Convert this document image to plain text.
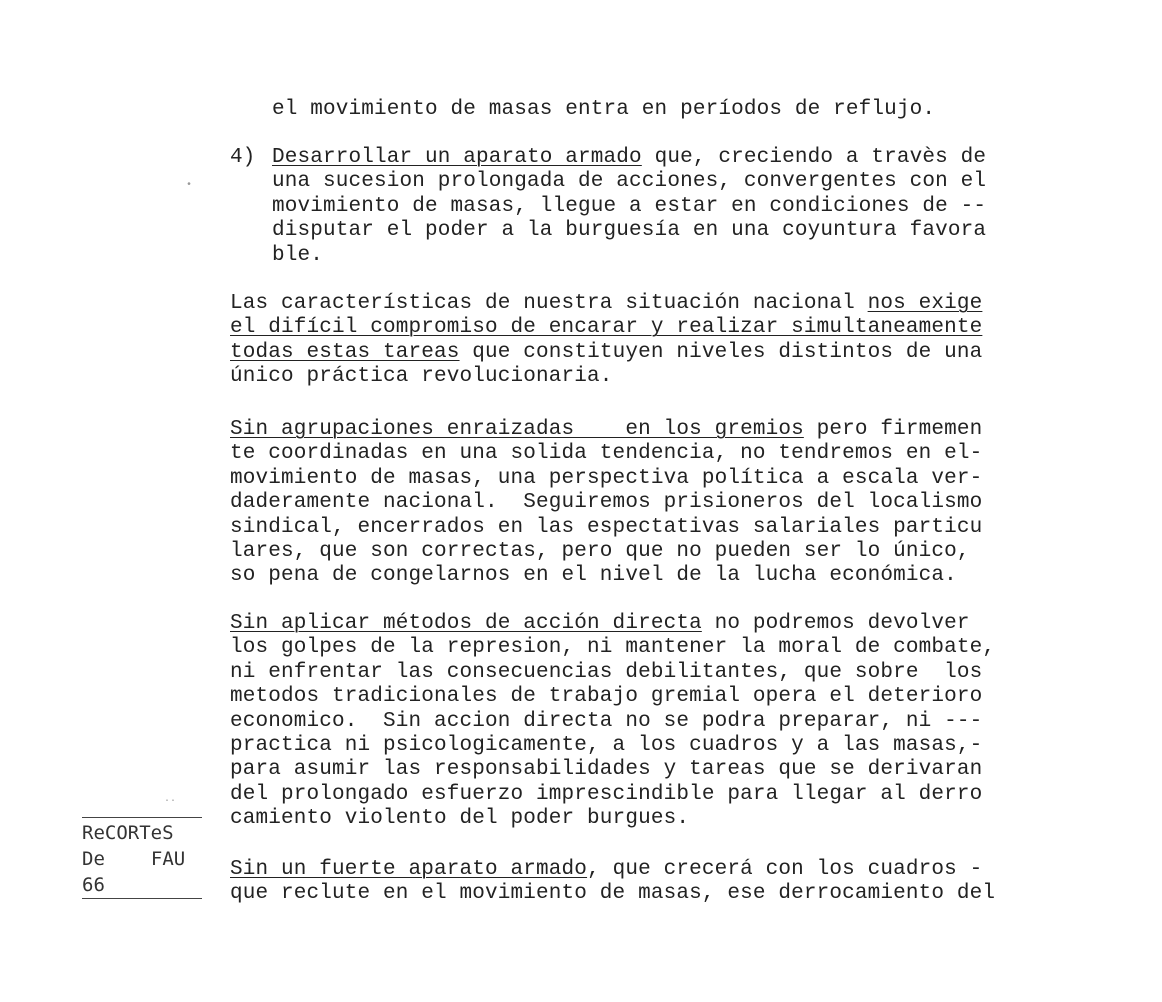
el movimiento de masas entra en períodos de reflujo.
4) Desarrollar un aparato armado que, creciendo a travès de
una sucesion prolongada de acciones, convergentes con el
movimiento de masas, llegue a estar en condiciones de --
disputar el poder a la burguesía en una coyuntura favora
ble.
Las características de nuestra situación nacional nos exige
el difícil compromiso de encarar y realizar simultaneamente
todas estas tareas que constituyen niveles distintos de una
único práctica revolucionaria.
Sin agrupaciones enraizadas    en los gremios pero firmemen
te coordinadas en una solida tendencia, no tendremos en el-
movimiento de masas, una perspectiva política a escala ver-
daderamente nacional.  Seguiremos prisioneros del localismo
sindical, encerrados en las espectativas salariales particu
lares, que son correctas, pero que no pueden ser lo único,
so pena de congelarnos en el nivel de la lucha económica.
Sin aplicar métodos de acción directa no podremos devolver
los golpes de la represion, ni mantener la moral de combate,
ni enfrentar las consecuencias debilitantes, que sobre  los
metodos tradicionales de trabajo gremial opera el deterioro
economico.  Sin accion directa no se podra preparar, ni ---
practica ni psicologicamente, a los cuadros y a las masas,-
para asumir las responsabilidades y tareas que se derivaran
del prolongado esfuerzo imprescindible para llegar al derro
camiento violento del poder burgues.
Sin un fuerte aparato armado, que crecerá con los cuadros -
que reclute en el movimiento de masas, ese derrocamiento del
ReCORTeS
De FAU
66
•
··
